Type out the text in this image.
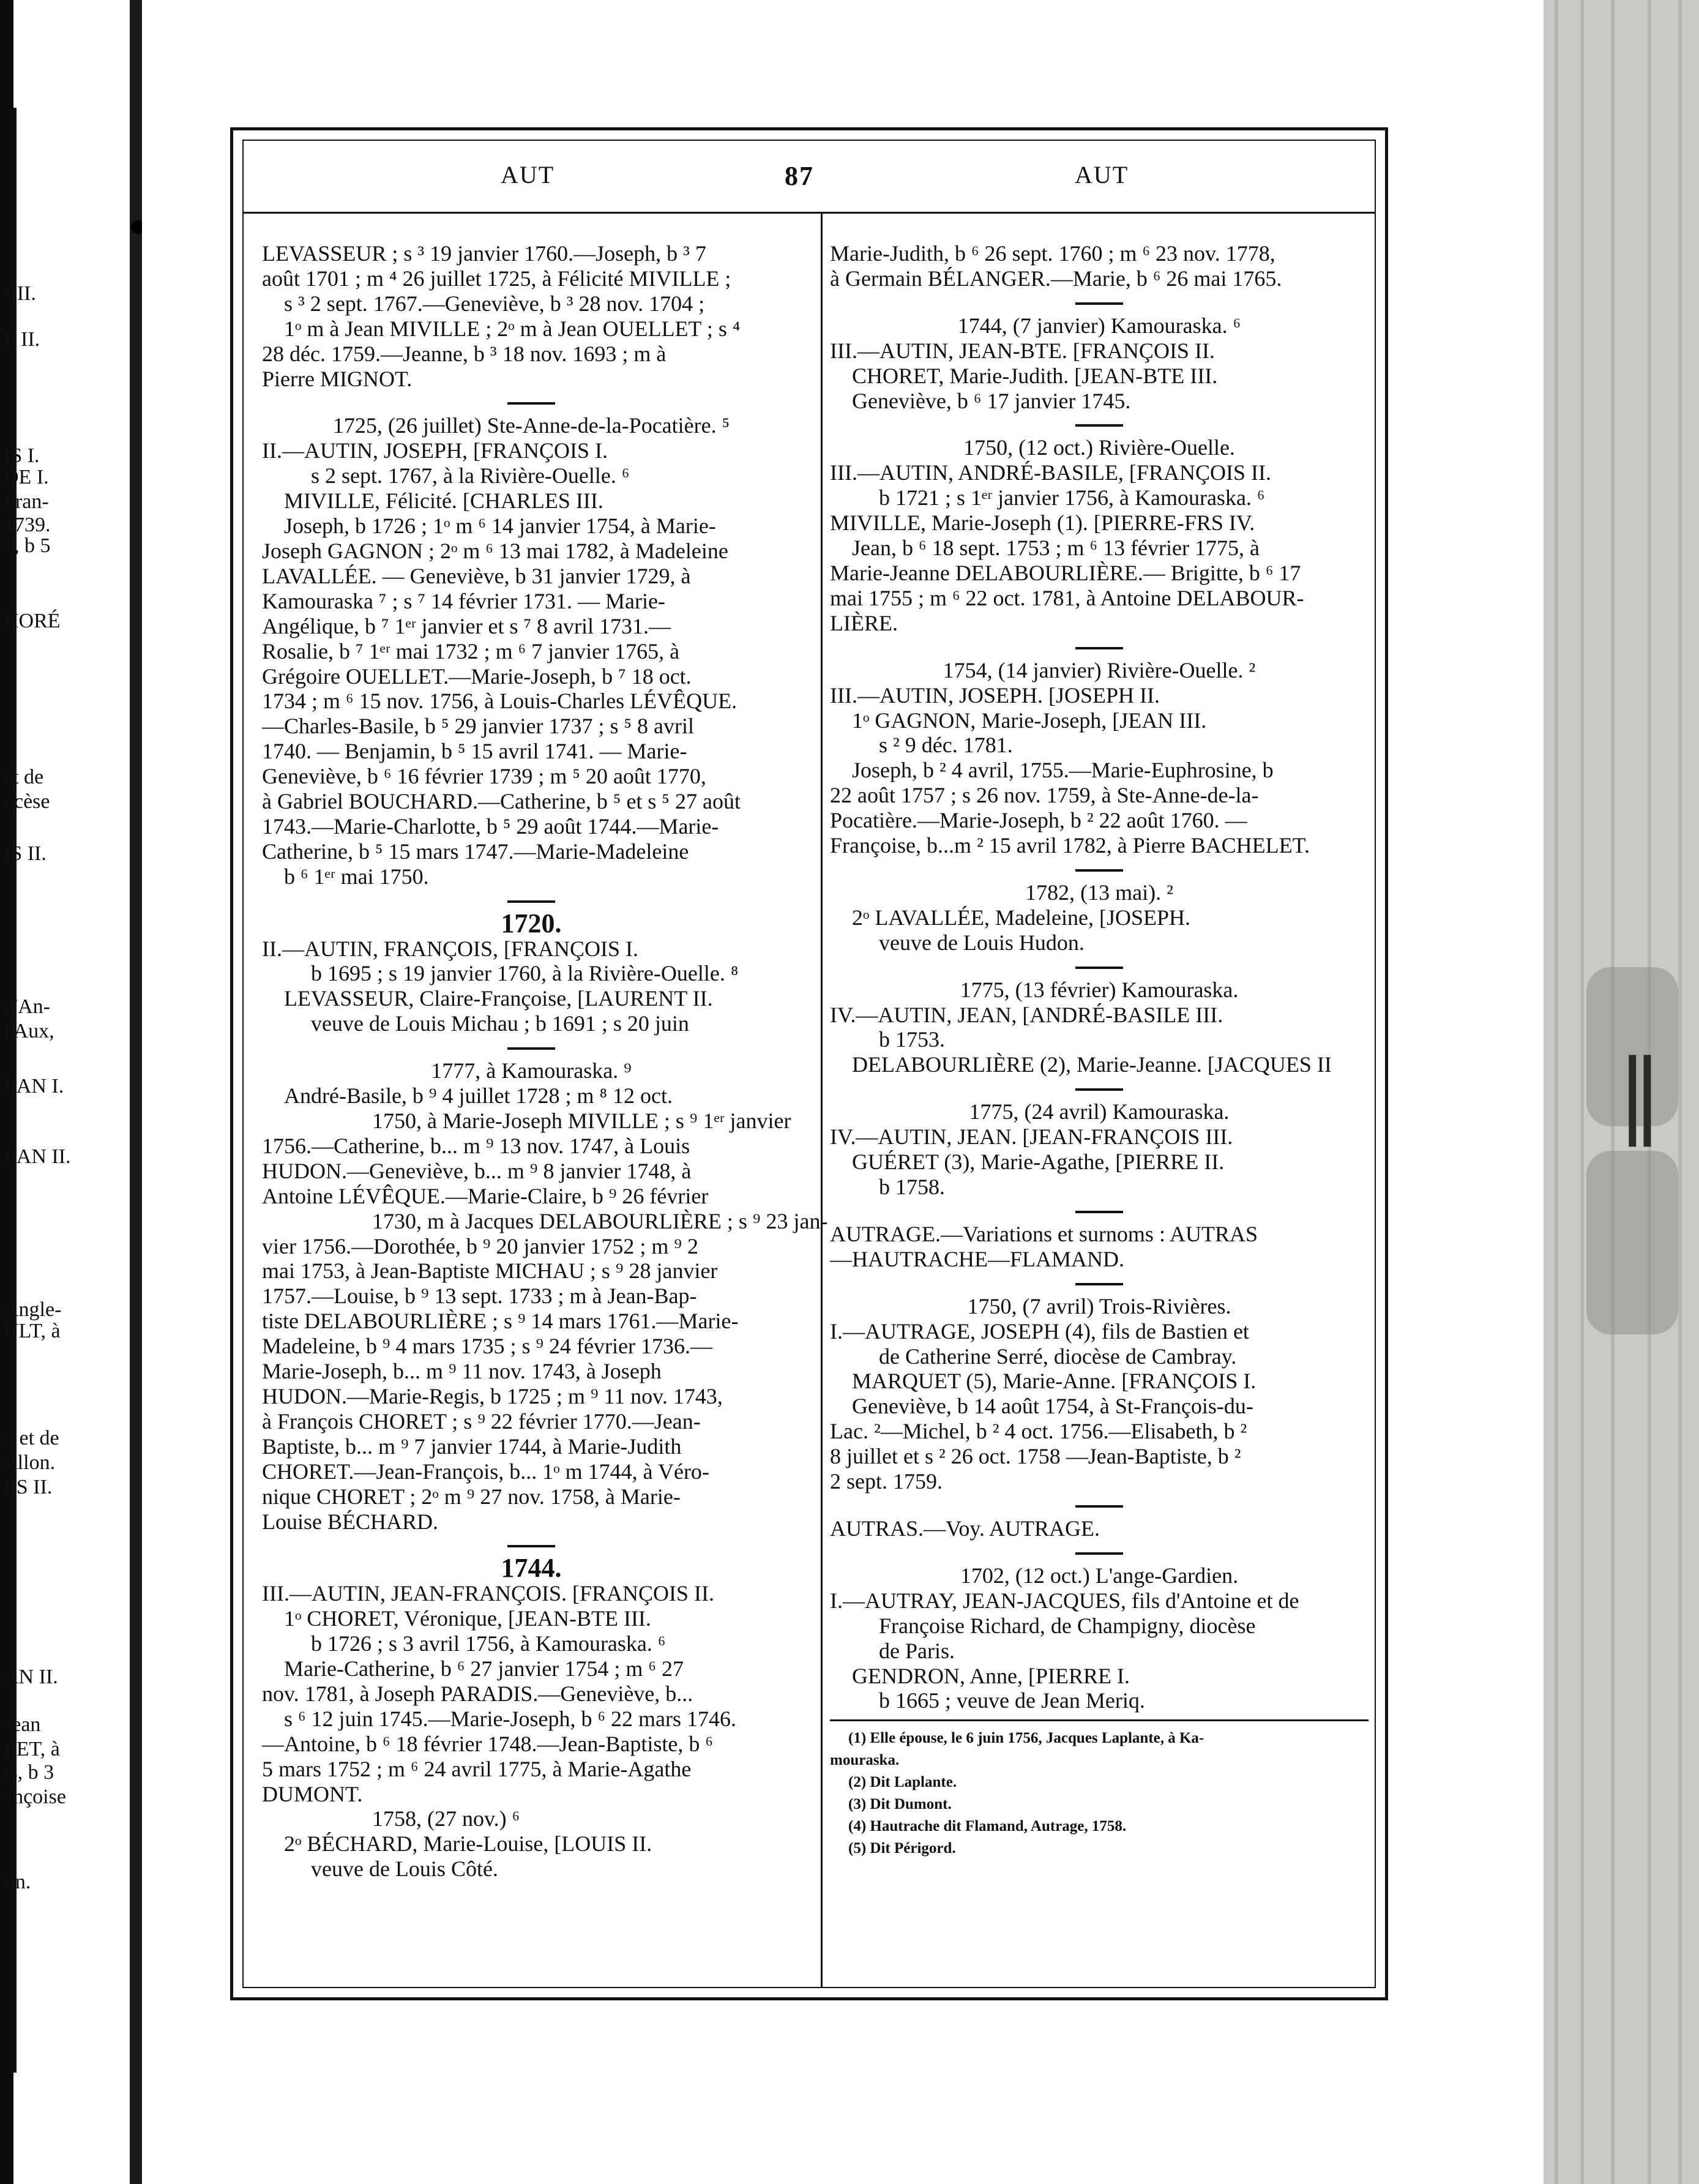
s II.
L II.
IS I.
DE I.
Fran-
1739.
1, b 5
HORÉ
et de
ocèse
IS II.
d'An-
l'Aux,
EAN I.
EAN II.
Angle-
ULT, à
n et de
sillon.
ES II.
AN II.
Jean
LET, à
is, b 3
ançoise
tin.
‖
AUT	87	AUT

LEVASSEUR ; s ³ 19 janvier 1760.—Joseph, b ³ 7

août 1701 ; m ⁴ 26 juillet 1725, à Félicité MIVILLE ;

s ³ 2 sept. 1767.—Geneviève, b ³ 28 nov. 1704 ;

1ᵒ m à Jean MIVILLE ; 2ᵒ m à Jean OUELLET ; s ⁴

28 déc. 1759.—Jeanne, b ³ 18 nov. 1693 ; m à

Pierre MIGNOT.

1725, (26 juillet) Ste-Anne-de-la-Pocatière. ⁵

II.—AUTIN, JOSEPH, [FRANÇOIS I.

s 2 sept. 1767, à la Rivière-Ouelle. ⁶

MIVILLE, Félicité. [CHARLES III.

Joseph, b 1726 ; 1ᵒ m ⁶ 14 janvier 1754, à Marie-

Joseph GAGNON ; 2ᵒ m ⁶ 13 mai 1782, à Madeleine

LAVALLÉE. — Geneviève, b 31 janvier 1729, à

Kamouraska ⁷ ; s ⁷ 14 février 1731. — Marie-

Angélique, b ⁷ 1ᵉʳ janvier et s ⁷ 8 avril 1731.—

Rosalie, b ⁷ 1ᵉʳ mai 1732 ; m ⁶ 7 janvier 1765, à

Grégoire OUELLET.—Marie-Joseph, b ⁷ 18 oct.

1734 ; m ⁶ 15 nov. 1756, à Louis-Charles LÉVÊQUE.

—Charles-Basile, b ⁵ 29 janvier 1737 ; s ⁵ 8 avril

1740. — Benjamin, b ⁵ 15 avril 1741. — Marie-

Geneviève, b ⁶ 16 février 1739 ; m ⁵ 20 août 1770,

à Gabriel BOUCHARD.—Catherine, b ⁵ et s ⁵ 27 août

1743.—Marie-Charlotte, b ⁵ 29 août 1744.—Marie-

Catherine, b ⁵ 15 mars 1747.—Marie-Madeleine

b ⁶ 1ᵉʳ mai 1750.

1720.

II.—AUTIN, FRANÇOIS, [FRANÇOIS I.

b 1695 ; s 19 janvier 1760, à la Rivière-Ouelle. ⁸

LEVASSEUR, Claire-Françoise, [LAURENT II.

veuve de Louis Michau ; b 1691 ; s 20 juin

1777, à Kamouraska. ⁹

André-Basile, b ⁹ 4 juillet 1728 ; m ⁸ 12 oct.

1750, à Marie-Joseph MIVILLE ; s ⁹ 1ᵉʳ janvier

1756.—Catherine, b... m ⁹ 13 nov. 1747, à Louis

HUDON.—Geneviève, b... m ⁹ 8 janvier 1748, à

Antoine LÉVÊQUE.—Marie-Claire, b ⁹ 26 février

1730, m à Jacques DELABOURLIÈRE ; s ⁹ 23 jan-

vier 1756.—Dorothée, b ⁹ 20 janvier 1752 ; m ⁹ 2

mai 1753, à Jean-Baptiste MICHAU ; s ⁹ 28 janvier

1757.—Louise, b ⁹ 13 sept. 1733 ; m à Jean-Bap-

tiste DELABOURLIÈRE ; s ⁹ 14 mars 1761.—Marie-

Madeleine, b ⁹ 4 mars 1735 ; s ⁹ 24 février 1736.—

Marie-Joseph, b... m ⁹ 11 nov. 1743, à Joseph

HUDON.—Marie-Regis, b 1725 ; m ⁹ 11 nov. 1743,

à François CHORET ; s ⁹ 22 février 1770.—Jean-

Baptiste, b... m ⁹ 7 janvier 1744, à Marie-Judith

CHORET.—Jean-François, b... 1ᵒ m 1744, à Véro-

nique CHORET ; 2ᵒ m ⁹ 27 nov. 1758, à Marie-

Louise BÉCHARD.

1744.

III.—AUTIN, JEAN-FRANÇOIS. [FRANÇOIS II.

1ᵒ CHORET, Véronique, [JEAN-BTE III.

b 1726 ; s 3 avril 1756, à Kamouraska. ⁶

Marie-Catherine, b ⁶ 27 janvier 1754 ; m ⁶ 27

nov. 1781, à Joseph PARADIS.—Geneviève, b...

s ⁶ 12 juin 1745.—Marie-Joseph, b ⁶ 22 mars 1746.

—Antoine, b ⁶ 18 février 1748.—Jean-Baptiste, b ⁶

5 mars 1752 ; m ⁶ 24 avril 1775, à Marie-Agathe

DUMONT.

1758, (27 nov.) ⁶

2ᵒ BÉCHARD, Marie-Louise, [LOUIS II.

veuve de Louis Côté.

Marie-Judith, b ⁶ 26 sept. 1760 ; m ⁶ 23 nov. 1778,

à Germain BÉLANGER.—Marie, b ⁶ 26 mai 1765.

1744, (7 janvier) Kamouraska. ⁶

III.—AUTIN, JEAN-BTE. [FRANÇOIS II.

CHORET, Marie-Judith. [JEAN-BTE III.

Geneviève, b ⁶ 17 janvier 1745.

1750, (12 oct.) Rivière-Ouelle.

III.—AUTIN, ANDRÉ-BASILE, [FRANÇOIS II.

b 1721 ; s 1ᵉʳ janvier 1756, à Kamouraska. ⁶

MIVILLE, Marie-Joseph (1). [PIERRE-FRS IV.

Jean, b ⁶ 18 sept. 1753 ; m ⁶ 13 février 1775, à

Marie-Jeanne DELABOURLIÈRE.— Brigitte, b ⁶ 17

mai 1755 ; m ⁶ 22 oct. 1781, à Antoine DELABOUR-

LIÈRE.

1754, (14 janvier) Rivière-Ouelle. ²

III.—AUTIN, JOSEPH. [JOSEPH II.

1ᵒ GAGNON, Marie-Joseph, [JEAN III.

s ² 9 déc. 1781.

Joseph, b ² 4 avril, 1755.—Marie-Euphrosine, b

22 août 1757 ; s 26 nov. 1759, à Ste-Anne-de-la-

Pocatière.—Marie-Joseph, b ² 22 août 1760. —

Françoise, b...m ² 15 avril 1782, à Pierre BACHELET.

1782, (13 mai). ²

2ᵒ LAVALLÉE, Madeleine, [JOSEPH.

veuve de Louis Hudon.

1775, (13 février) Kamouraska.

IV.—AUTIN, JEAN, [ANDRÉ-BASILE III.

b 1753.

DELABOURLIÈRE (2), Marie-Jeanne. [JACQUES II

1775, (24 avril) Kamouraska.

IV.—AUTIN, JEAN. [JEAN-FRANÇOIS III.

GUÉRET (3), Marie-Agathe, [PIERRE II.

b 1758.

AUTRAGE.—Variations et surnoms : AUTRAS

—HAUTRACHE—FLAMAND.

1750, (7 avril) Trois-Rivières.

I.—AUTRAGE, JOSEPH (4), fils de Bastien et

de Catherine Serré, diocèse de Cambray.

MARQUET (5), Marie-Anne. [FRANÇOIS I.

Geneviève, b 14 août 1754, à St-François-du-

Lac. ²—Michel, b ² 4 oct. 1756.—Elisabeth, b ²

8 juillet et s ² 26 oct. 1758 —Jean-Baptiste, b ²

2 sept. 1759.

AUTRAS.—Voy. AUTRAGE.

1702, (12 oct.) L'ange-Gardien.

I.—AUTRAY, JEAN-JACQUES, fils d'Antoine et de

Françoise Richard, de Champigny, diocèse

de Paris.

GENDRON, Anne, [PIERRE I.

b 1665 ; veuve de Jean Meriq.

(1) Elle épouse, le 6 juin 1756, Jacques Laplante, à Ka-

mouraska.

(2) Dit Laplante.

(3) Dit Dumont.

(4) Hautrache dit Flamand, Autrage, 1758.

(5) Dit Périgord.
